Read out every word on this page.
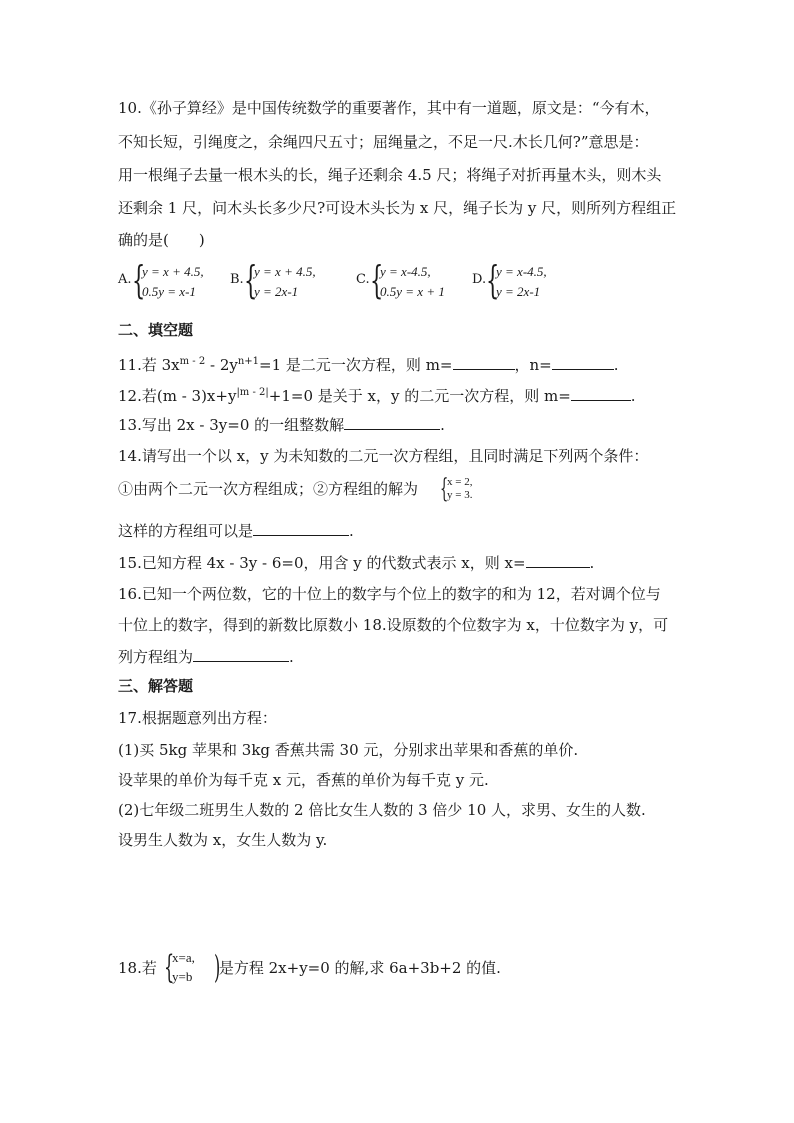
10.《孙子算经》是中国传统数学的重要著作，其中有一道题，原文是：“今有木，
不知长短，引绳度之，余绳四尺五寸；屈绳量之，不足一尺.木长几何?”意思是：
用一根绳子去量一根木头的长，绳子还剩余 4.5 尺；将绳子对折再量木头，则木头
还剩余 1 尺，问木头长多少尺?可设木头长为 x 尺，绳子长为 y 尺，则所列方程组正
确的是(　　)
A. {
y = x + 4.5,
0.5y = x-1
B. {
y = x + 4.5,
y = 2x-1
C. {
y = x-4.5,
0.5y = x + 1
D. {
y = x-4.5,
y = 2x-1
二、填空题
11.若 $3x^{m - 2} - 2y^{n+1}=1$ 是二元一次方程，则 m=	，n=	.
12.若$(m - 3)x+y^{|m - 2|}+1=0$ 是关于 x，y 的二元一次方程，则 m=	.
13.写出 2x - 3y=0 的一组整数解	.
14.请写出一个以 x，y 为未知数的二元一次方程组，且同时满足下列两个条件：
①由两个二元一次方程组成；②方程组的解为 {
x = 2,
y = 3.
这样的方程组可以是	.
15.已知方程 4x - 3y - 6=0，用含 y 的代数式表示 x，则 x=	.
16.已知一个两位数，它的十位上的数字与个位上的数字的和为 12，若对调个位与
十位上的数字，得到的新数比原数小 18.设原数的个位数字为 x，十位数字为 y，可
列方程组为	.
三、解答题
17.根据题意列出方程：
(1)买 5kg 苹果和 3kg 香蕉共需 30 元，分别求出苹果和香蕉的单价.
设苹果的单价为每千克 x 元，香蕉的单价为每千克 y 元.
(2)七年级二班男生人数的 2 倍比女生人数的 3 倍少 10 人，求男、女生的人数.
设男生人数为 x，女生人数为 y.
18.若	是方程 2x+y=0 的解,求 6a+3b+2 的值.
{
x=a,
y=b )
